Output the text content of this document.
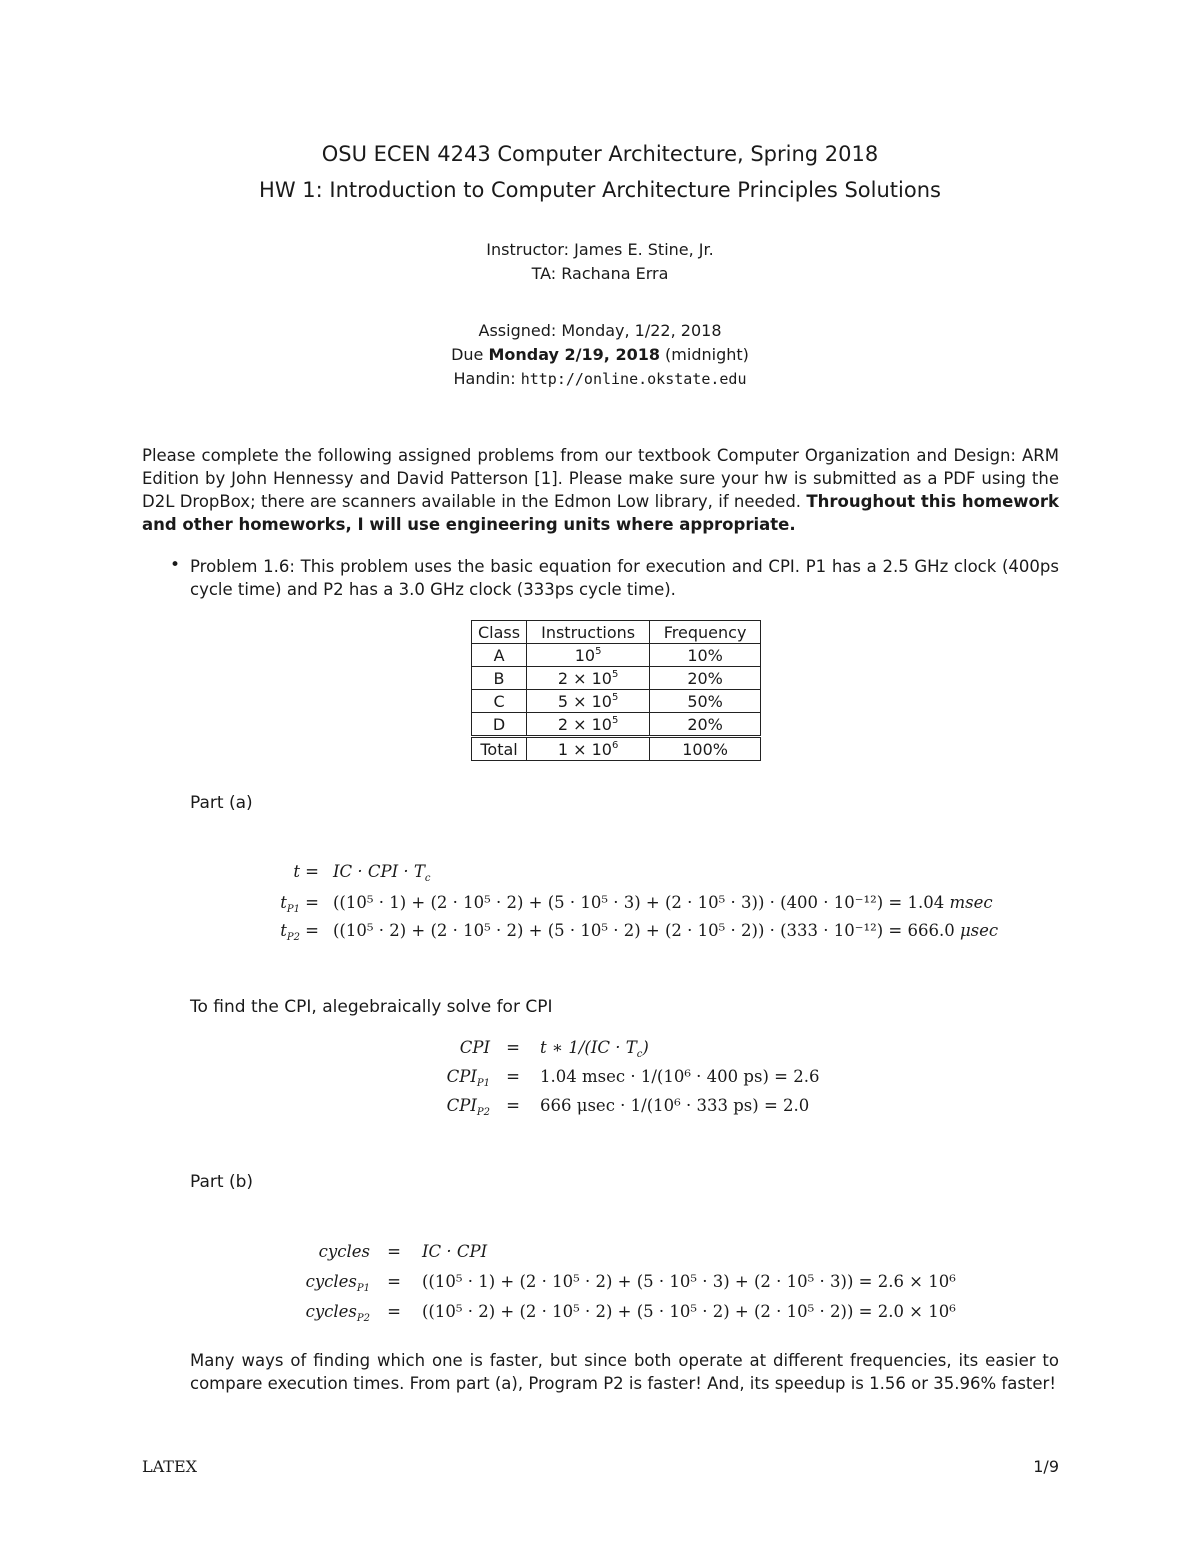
OSU ECEN 4243 Computer Architecture, Spring 2018
HW 1: Introduction to Computer Architecture Principles Solutions
Instructor: James E. Stine, Jr.
TA: Rachana Erra
Assigned: Monday, 1/22, 2018
Due Monday 2/19, 2018 (midnight)
Handin: http://online.okstate.edu
Please complete the following assigned problems from our textbook Computer Organization and Design: ARM Edition by John Hennessy and David Patterson [1]. Please make sure your hw is submitted as a PDF using the D2L DropBox; there are scanners available in the Edmon Low library, if needed. Throughout this homework and other homeworks, I will use engineering units where appropriate.
• Problem 1.6: This problem uses the basic equation for execution and CPI. P1 has a 2.5 GHz clock (400ps cycle time) and P2 has a 3.0 GHz clock (333ps cycle time).
Class	Instructions	Frequency
A	$10^5$	10%
B	$2 \times 10^5$	20%
C	$5 \times 10^5$	50%
D	$2 \times 10^5$	20%
Total	$1 \times 10^6$	100%
Part (a)
t = IC · CPI · $T_c$
$t_{P1} = ((10^5 \cdot 1) + (2 \cdot 10^5 \cdot 2) + (5 \cdot 10^5 \cdot 3) + (2 \cdot 10^5 \cdot 3)) \cdot (400 \cdot 10^{-12}) = 1.04$ msec
$t_{P2} = ((10^5 \cdot 2) + (2 \cdot 10^5 \cdot 2) + (5 \cdot 10^5 \cdot 2) + (2 \cdot 10^5 \cdot 2)) \cdot (333 \cdot 10^{-12}) = 666.0$ μsec
To find the CPI, alegebraically solve for CPI
CPI =	t ∗ $1/(IC \cdot T_c)$
$CPI_{P1}$ =	1.04 msec · 1/(10⁶ · 400 ps) = 2.6
$CPI_{P2}$ =	666 μsec · 1/(10⁶ · 333 ps) = 2.0
Part (b)
cycles	=	IC · CPI
cycles$_{P1}$	=	((10⁵ · 1) + (2 · 10⁵ · 2) + (5 · 10⁵ · 3) + (2 · 10⁵ · 3)) = 2.6 × 10⁶
cycles$_{P2}$	=	((10⁵ · 2) + (2 · 10⁵ · 2) + (5 · 10⁵ · 2) + (2 · 10⁵ · 2)) = 2.0 × 10⁶
Many ways of finding which one is faster, but since both operate at different frequencies, its easier to compare execution times. From part (a), Program P2 is faster! And, its speedup is 1.56 or 35.96% faster!
LATEX	1/9
